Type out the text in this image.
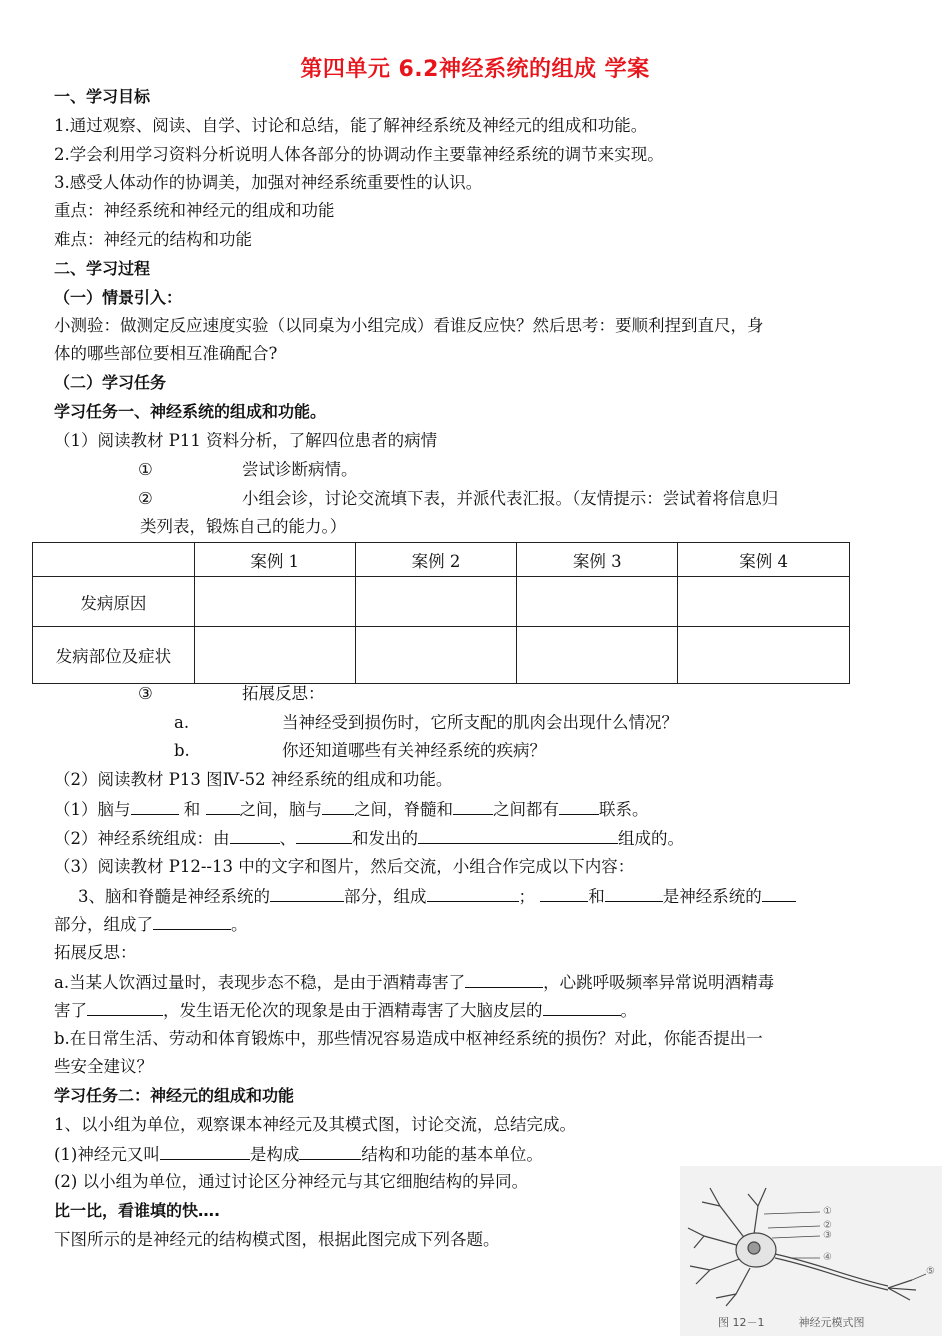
第四单元 6.2神经系统的组成 学案
一、学习目标
1.通过观察、阅读、自学、讨论和总结，能了解神经系统及神经元的组成和功能。
2.学会利用学习资料分析说明人体各部分的协调动作主要靠神经系统的调节来实现。
3.感受人体动作的协调美，加强对神经系统重要性的认识。
重点：神经系统和神经元的组成和功能
难点：神经元的结构和功能
二、学习过程
（一）情景引入：
小测验：做测定反应速度实验（以同桌为小组完成）看谁反应快？然后思考：要顺利捏到直尺，身
体的哪些部位要相互准确配合?
（二）学习任务
学习任务一、神经系统的组成和功能。
（1）阅读教材 P11 资料分析，了解四位患者的病情
①	尝试诊断病情。
②	小组会诊，讨论交流填下表，并派代表汇报。（友情提示：尝试着将信息归
类列表，锻炼自己的能力。）
	案例 1	案例 2	案例 3	案例 4
发病原因				
发病部位及症状				
③	拓展反思：
a.	当神经受到损伤时，它所支配的肌肉会出现什么情况？
b.	你还知道哪些有关神经系统的疾病？
（2）阅读教材 P13 图Ⅳ-52 神经系统的组成和功能。
（1）脑与	和 之间，脑与 之间，脊髓和 之间都有 联系。
（2）神经系统组成：由	、	和发出的	组成的。
（3）阅读教材 P12--13 中的文字和图片，然后交流，小组合作完成以下内容：
3、脑和脊髓是神经系统的	部分，组成	；	和	是神经系统的
部分，组成了	。
拓展反思：
a.当某人饮酒过量时，表现步态不稳，是由于酒精毒害了	，心跳呼吸频率异常说明酒精毒
害了	，发生语无伦次的现象是由于酒精毒害了大脑皮层的	。
b.在日常生活、劳动和体育锻炼中，那些情况容易造成中枢神经系统的损伤？对此，你能否提出一
些安全建议？
学习任务二：神经元的组成和功能
1、以小组为单位，观察课本神经元及其模式图，讨论交流，总结完成。
(1)神经元又叫	是构成	结构和功能的基本单位。
(2) 以小组为单位，通过讨论区分神经元与其它细胞结构的异同。
比一比，看谁填的快….
下图所示的是神经元的结构模式图，根据此图完成下列各题。
①
②
③
④
⑤
图 12－1	神经元模式图
